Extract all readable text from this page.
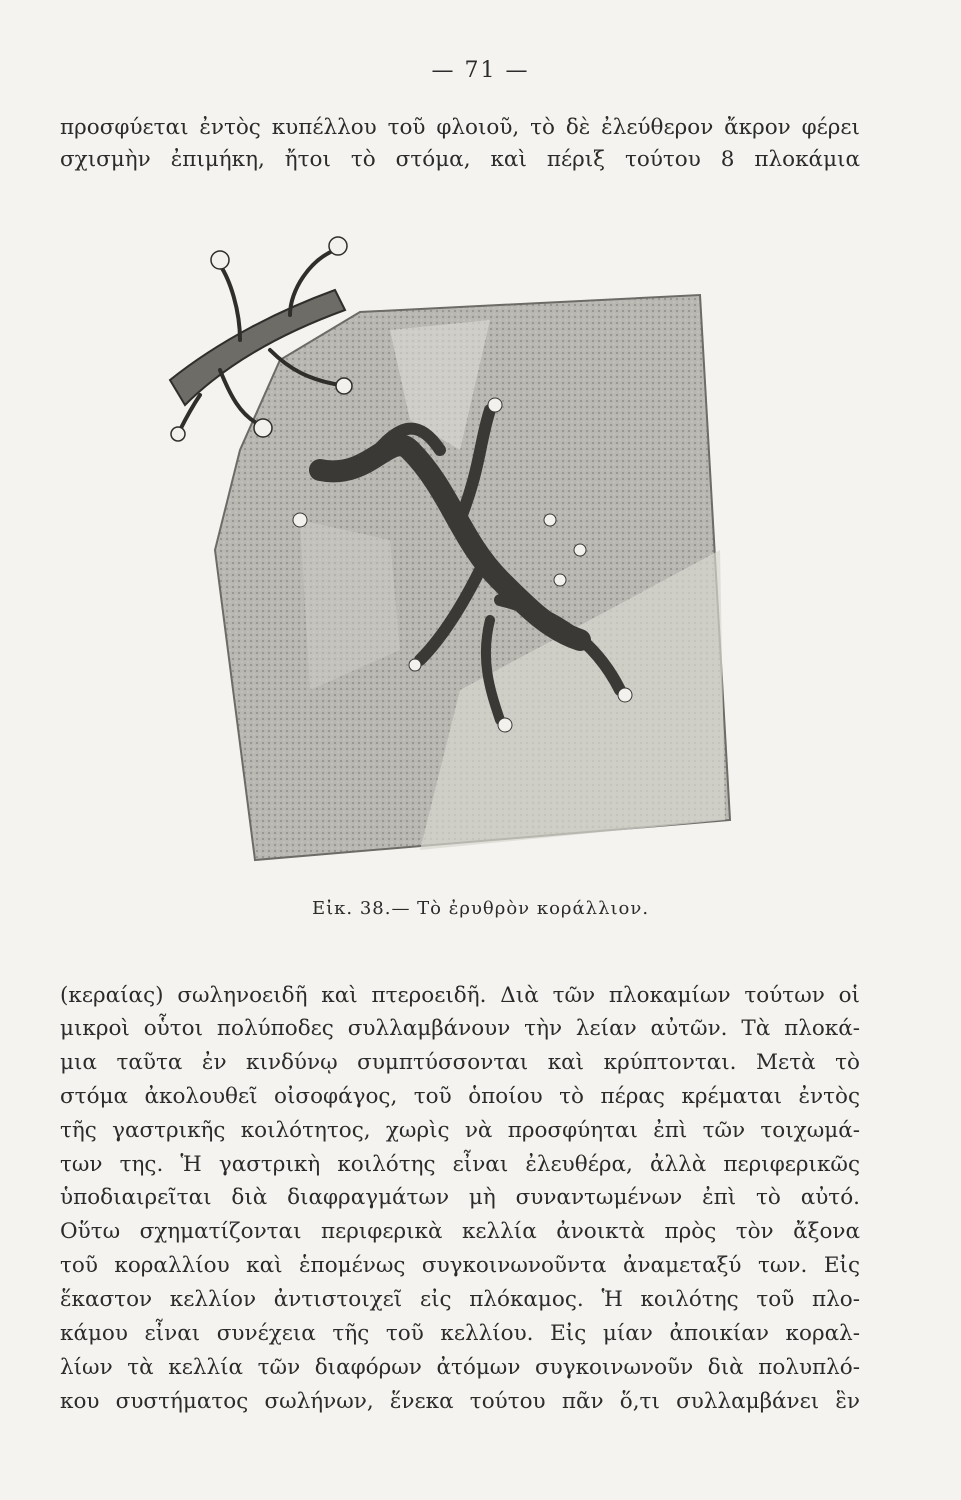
— 71 —
προσφύεται ἐντὸς κυπέλλου τοῦ φλοιοῦ, τὸ δὲ ἐλεύθερον ἄκρον φέρει
σχισμὴν ἐπιμήκη, ἤτοι τὸ στόμα, καὶ πέριξ τούτου 8 πλοκάμια
Εἰκ. 38.— Τὸ ἐρυθρὸν κοράλλιον.
(κεραίας) σωληνοειδῆ καὶ πτεροειδῆ. Διὰ τῶν πλοκαμίων τούτων οἱ
μικροὶ οὗτοι πολύποδες συλλαμβάνουν τὴν λείαν αὐτῶν. Τὰ πλοκά-
μια ταῦτα ἐν κινδύνῳ συμπτύσσονται καὶ κρύπτονται. Μετὰ τὸ
στόμα ἀκολουθεῖ οἰσοφάγος, τοῦ ὁποίου τὸ πέρας κρέμαται ἐντὸς
τῆς γαστρικῆς κοιλότητος, χωρὶς νὰ προσφύηται ἐπὶ τῶν τοιχωμά-
των της. Ἡ γαστρικὴ κοιλότης εἶναι ἐλευθέρα, ἀλλὰ περιφερικῶς
ὑποδιαιρεῖται διὰ διαφραγμάτων μὴ συναντωμένων ἐπὶ τὸ αὐτό.
Οὕτω σχηματίζονται περιφερικὰ κελλία ἀνοικτὰ πρὸς τὸν ἄξονα
τοῦ κοραλλίου καὶ ἑπομένως συγκοινωνοῦντα ἀναμεταξύ των. Εἰς
ἕκαστον κελλίον ἀντιστοιχεῖ εἰς πλόκαμος. Ἡ κοιλότης τοῦ πλο-
κάμου εἶναι συνέχεια τῆς τοῦ κελλίου. Εἰς μίαν ἀποικίαν κοραλ-
λίων τὰ κελλία τῶν διαφόρων ἀτόμων συγκοινωνοῦν διὰ πολυπλό-
κου συστήματος σωλήνων, ἕνεκα τούτου πᾶν ὅ,τι συλλαμβάνει ἓν
